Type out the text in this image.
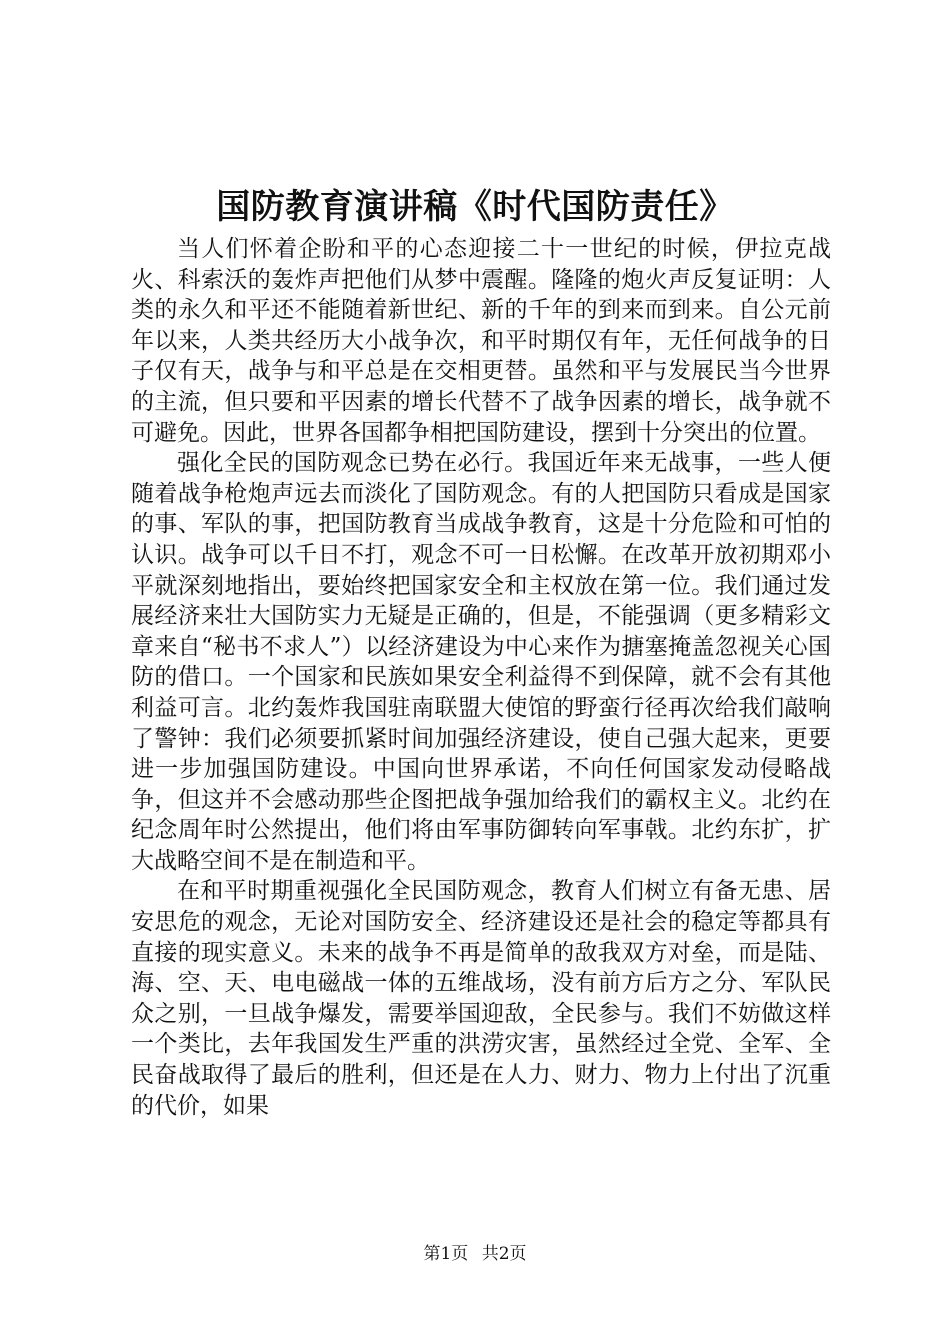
国防教育演讲稿《时代国防责任》

当人们怀着企盼和平的心态迎接二十一世纪的时候，伊拉克战火、科索沃的轰炸声把他们从梦中震醒。隆隆的炮火声反复证明：人类的永久和平还不能随着新世纪、新的千年的到来而到来。自公元前年以来，人类共经历大小战争次，和平时期仅有年，无任何战争的日子仅有天，战争与和平总是在交相更替。虽然和平与发展民当今世界的主流，但只要和平因素的增长代替不了战争因素的增长，战争就不可避免。因此，世界各国都争相把国防建设，摆到十分突出的位置。

强化全民的国防观念已势在必行。我国近年来无战事，一些人便随着战争枪炮声远去而淡化了国防观念。有的人把国防只看成是国家的事、军队的事，把国防教育当成战争教育，这是十分危险和可怕的认识。战争可以千日不打，观念不可一日松懈。在改革开放初期邓小平就深刻地指出，要始终把国家安全和主权放在第一位。我们通过发展经济来壮大国防实力无疑是正确的，但是，不能强调（更多精彩文章来自“秘书不求人”）以经济建设为中心来作为搪塞掩盖忽视关心国防的借口。一个国家和民族如果安全利益得不到保障，就不会有其他利益可言。北约轰炸我国驻南联盟大使馆的野蛮行径再次给我们敲响了警钟：我们必须要抓紧时间加强经济建设，使自己强大起来，更要进一步加强国防建设。中国向世界承诺，不向任何国家发动侵略战争，但这并不会感动那些企图把战争强加给我们的霸权主义。北约在纪念周年时公然提出，他们将由军事防御转向军事戟。北约东扩，扩大战略空间不是在制造和平。

在和平时期重视强化全民国防观念，教育人们树立有备无患、居安思危的观念，无论对国防安全、经济建设还是社会的稳定等都具有直接的现实意义。未来的战争不再是简单的敌我双方对垒，而是陆、海、空、天、电电磁战一体的五维战场，没有前方后方之分、军队民众之别，一旦战争爆发，需要举国迎敌，全民参与。我们不妨做这样一个类比，去年我国发生严重的洪涝灾害，虽然经过全党、全军、全民奋战取得了最后的胜利，但还是在人力、财力、物力上付出了沉重的代价，如果

第1页 共2页
